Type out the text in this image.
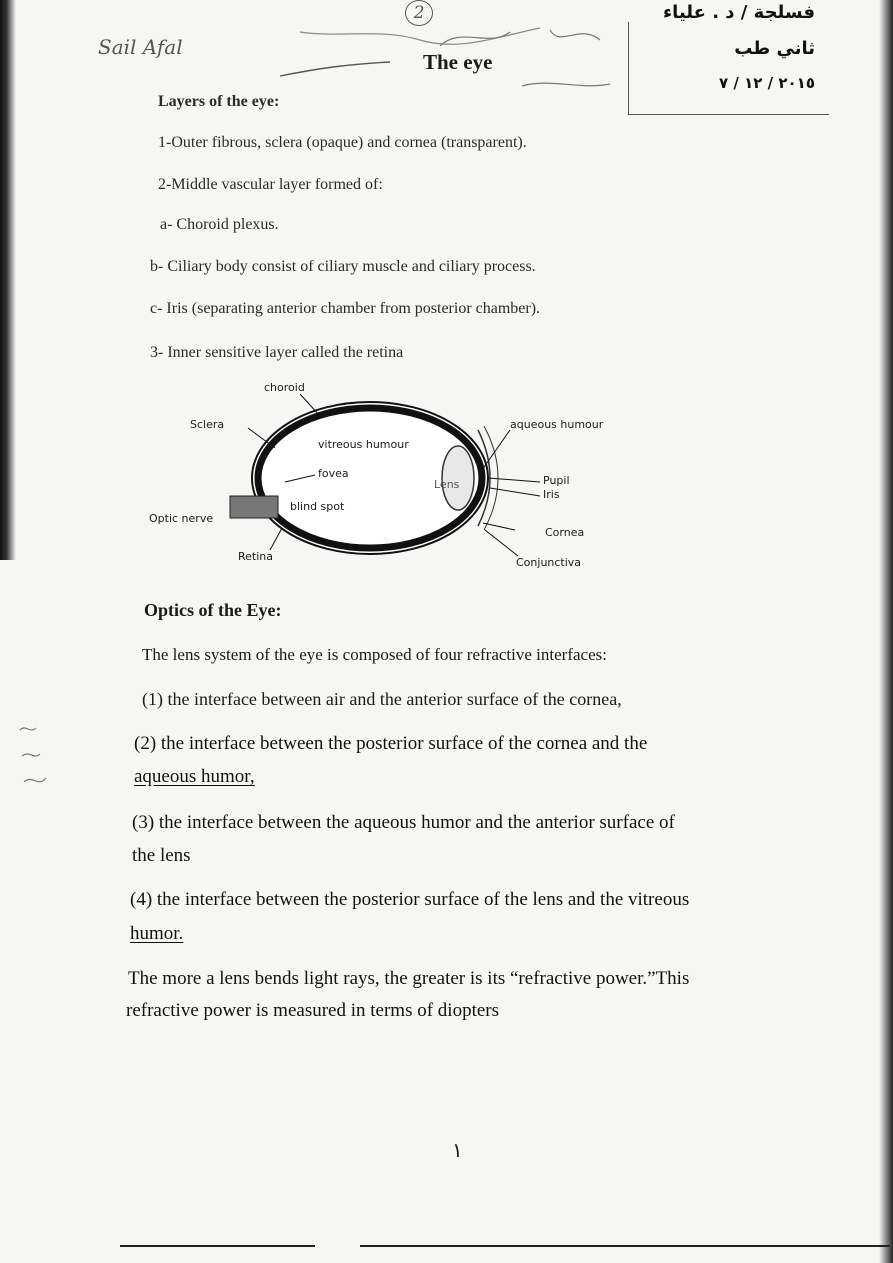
فسلجة / د . علياء
ثاني طب
٢٠١٥ / ١٢ / ٧
2
Sail Afal
The eye
Layers of the eye:
1-Outer fibrous, sclera (opaque) and cornea (transparent).
2-Middle vascular layer formed of:
a- Choroid plexus.
b- Ciliary body consist of ciliary muscle and ciliary process.
c- Iris (separating anterior chamber from posterior chamber).
3- Inner sensitive layer called the retina
choroid
Sclera
vitreous humour
aqueous humour
fovea
Lens	Pupil
Iris
blind spot
Optic nerve
Cornea
Retina	Conjunctiva
Optics of the Eye:
The lens system of the eye is composed of four refractive interfaces:
(1) the interface between air and the anterior surface of the cornea,
(2) the interface between the posterior surface of the cornea and the
aqueous humor,
(3) the interface between the aqueous humor and the anterior surface of
the lens
(4) the interface between the posterior surface of the lens and the vitreous
humor.
The more a lens bends light rays, the greater is its “refractive power.”This
refractive power is measured in terms of diopters
١
